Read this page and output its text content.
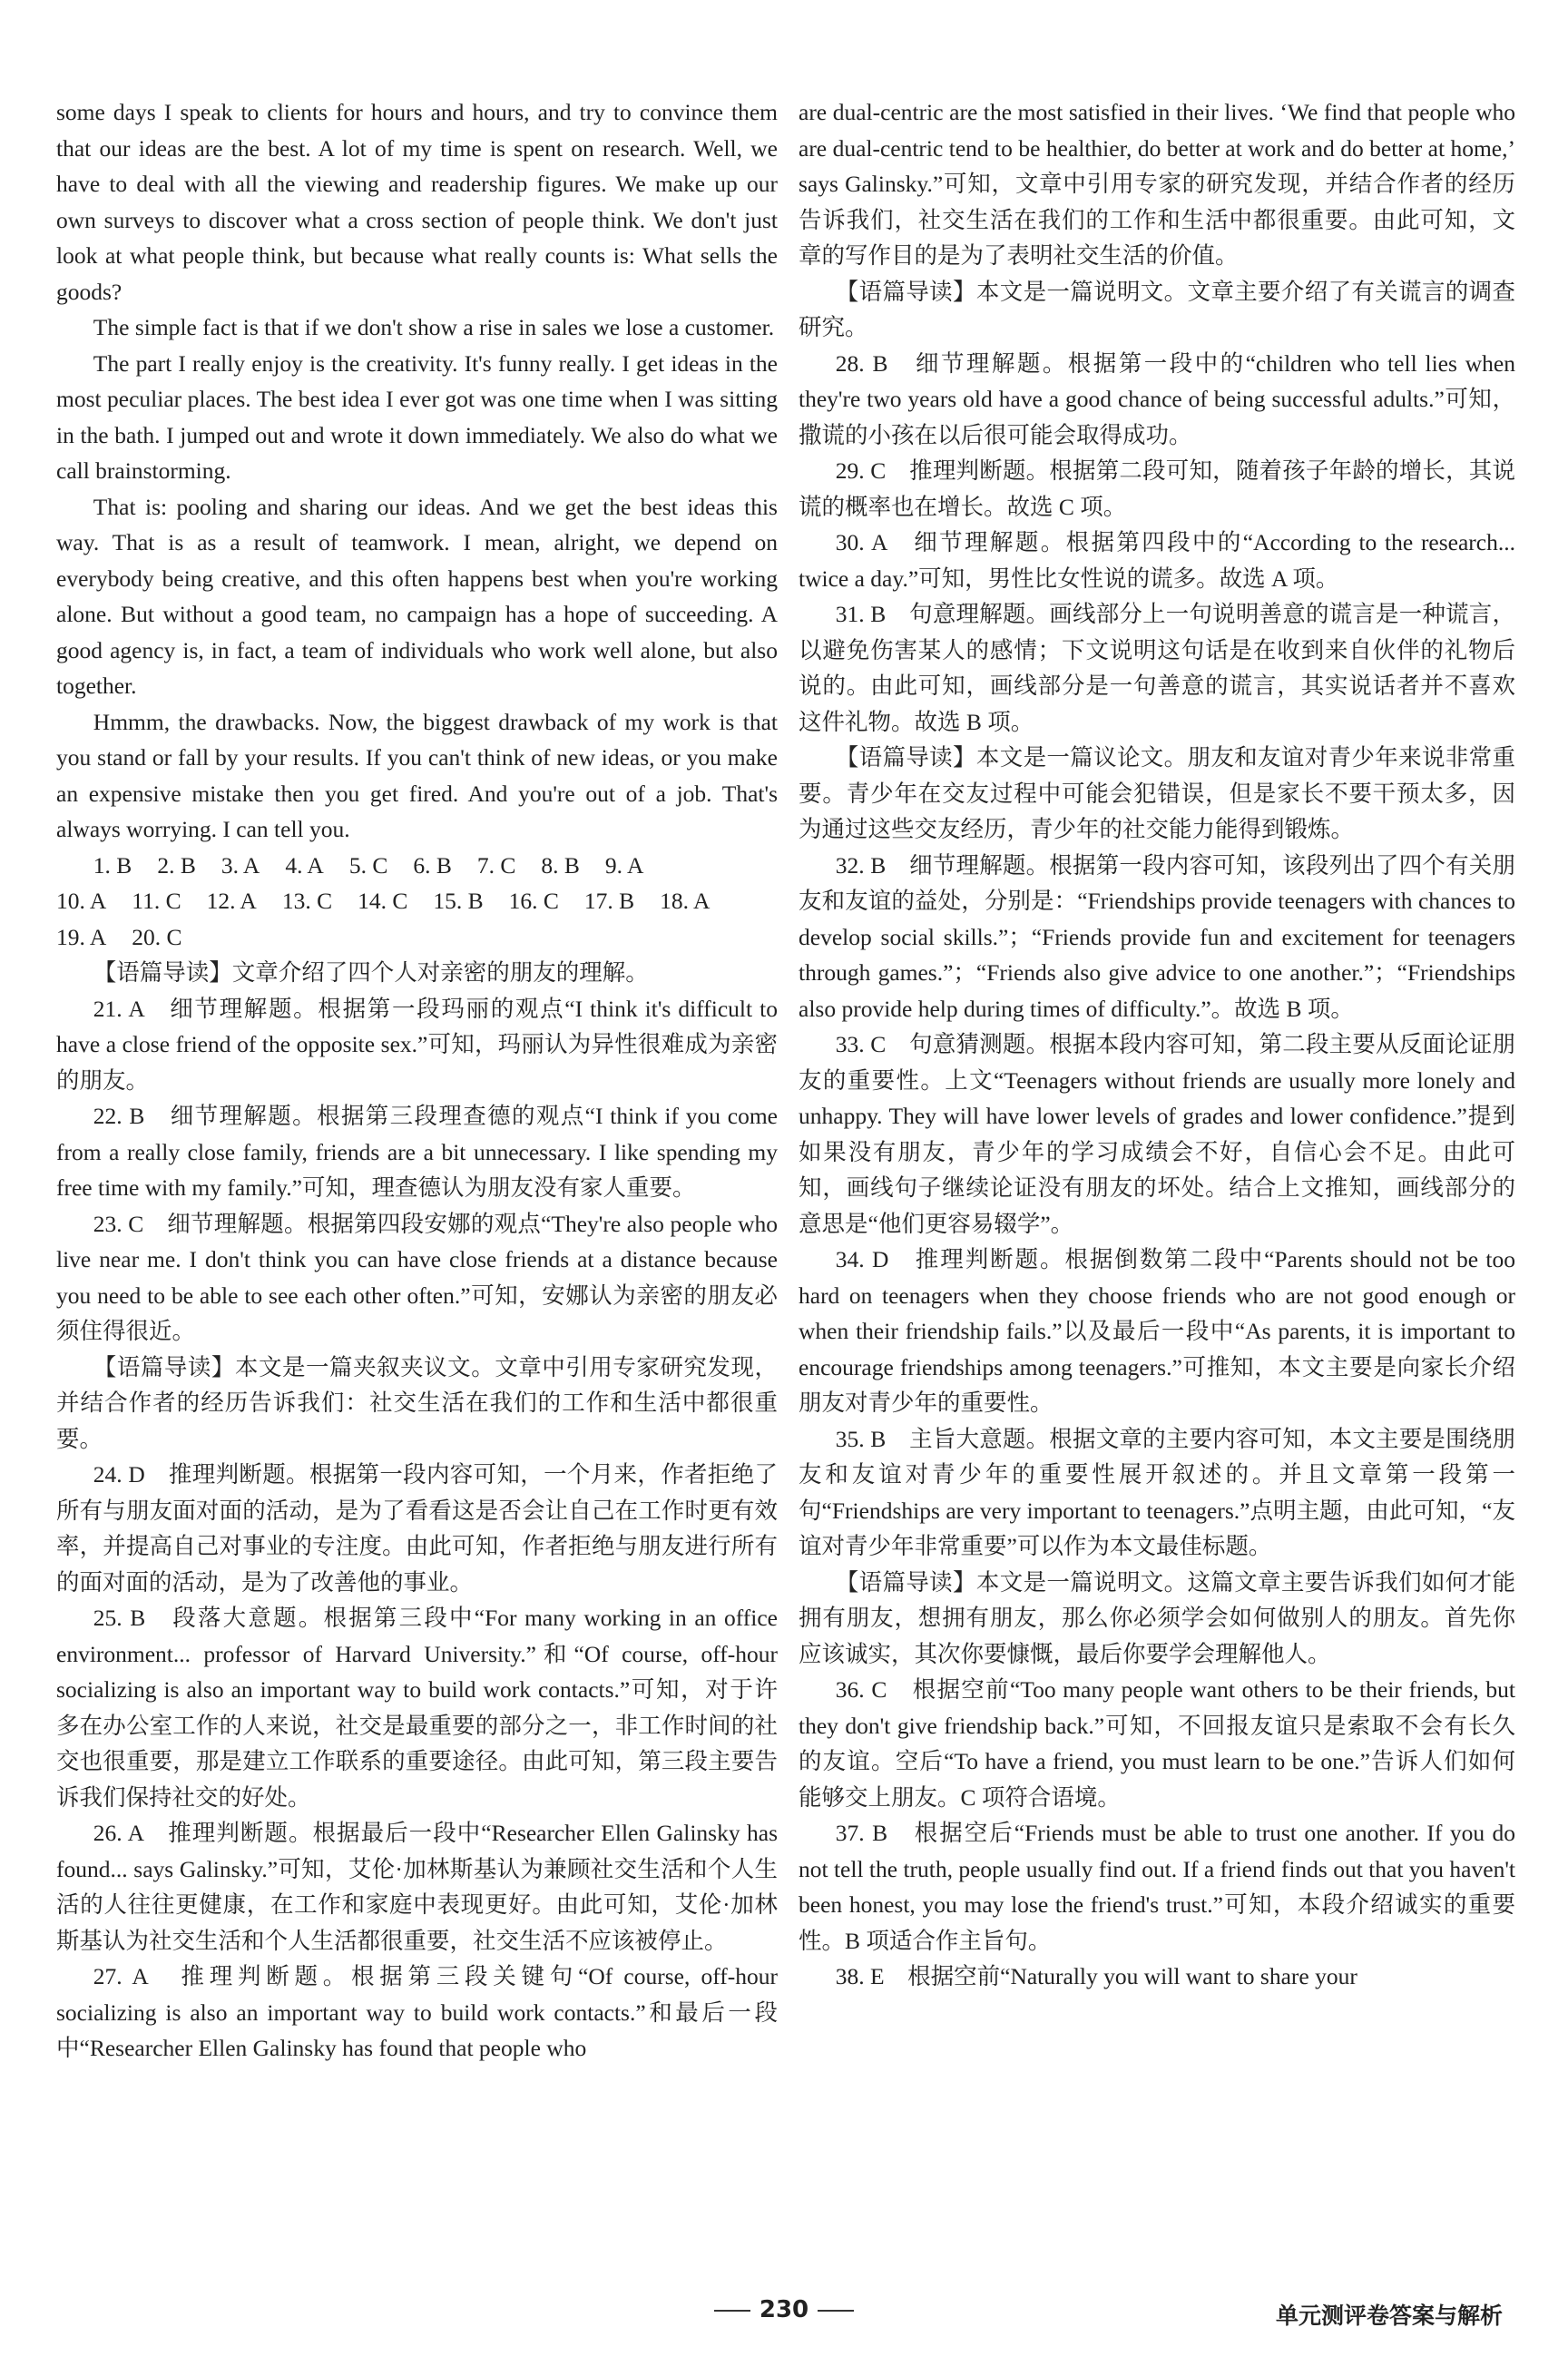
some days I speak to clients for hours and hours, and try to convince them that our ideas are the best. A lot of my time is spent on research. Well, we have to deal with all the viewing and readership figures. We make up our own surveys to discover what a cross section of people think. We don't just look at what people think, but because what really counts is: What sells the goods?

The simple fact is that if we don't show a rise in sales we lose a customer.

The part I really enjoy is the creativity. It's funny really. I get ideas in the most peculiar places. The best idea I ever got was one time when I was sitting in the bath. I jumped out and wrote it down immediately. We also do what we call brainstorming.

That is: pooling and sharing our ideas. And we get the best ideas this way. That is as a result of teamwork. I mean, alright, we depend on everybody being creative, and this often happens best when you're working alone. But without a good team, no campaign has a hope of succeeding. A good agency is, in fact, a team of individuals who work well alone, but also together.

Hmmm, the drawbacks. Now, the biggest drawback of my work is that you stand or fall by your results. If you can't think of new ideas, or you make an expensive mistake then you get fired. And you're out of a job. That's always worrying. I can tell you.

1. B 2. B 3. A 4. A 5. C 6. B 7. C 8. B 9. A
10. A 11. C 12. A 13. C 14. C 15. B 16. C 17. B 18. A
19. A 20. C

【语篇导读】文章介绍了四个人对亲密的朋友的理解。

21. A　细节理解题。根据第一段玛丽的观点“I think it's difficult to have a close friend of the opposite sex.”可知，玛丽认为异性很难成为亲密的朋友。

22. B　细节理解题。根据第三段理查德的观点“I think if you come from a really close family, friends are a bit unnecessary. I like spending my free time with my family.”可知，理查德认为朋友没有家人重要。

23. C　细节理解题。根据第四段安娜的观点“They're also people who live near me. I don't think you can have close friends at a distance because you need to be able to see each other often.”可知，安娜认为亲密的朋友必须住得很近。

【语篇导读】本文是一篇夹叙夹议文。文章中引用专家研究发现，并结合作者的经历告诉我们：社交生活在我们的工作和生活中都很重要。

24. D　推理判断题。根据第一段内容可知，一个月来，作者拒绝了所有与朋友面对面的活动，是为了看看这是否会让自己在工作时更有效率，并提高自己对事业的专注度。由此可知，作者拒绝与朋友进行所有的面对面的活动，是为了改善他的事业。

25. B　段落大意题。根据第三段中“For many working in an office environment... professor of Harvard University.”和“Of course, off-hour socializing is also an important way to build work contacts.”可知，对于许多在办公室工作的人来说，社交是最重要的部分之一，非工作时间的社交也很重要，那是建立工作联系的重要途径。由此可知，第三段主要告诉我们保持社交的好处。

26. A　推理判断题。根据最后一段中“Researcher Ellen Galinsky has found... says Galinsky.”可知，艾伦·加林斯基认为兼顾社交生活和个人生活的人往往更健康，在工作和家庭中表现更好。由此可知，艾伦·加林斯基认为社交生活和个人生活都很重要，社交生活不应该被停止。

27. A　推理判断题。根据第三段关键句“Of course, off-hour socializing is also an important way to build work contacts.”和最后一段中“Researcher Ellen Galinsky has found that people who

are dual-centric are the most satisfied in their lives. ‘We find that people who are dual-centric tend to be healthier, do better at work and do better at home,’ says Galinsky.”可知，文章中引用专家的研究发现，并结合作者的经历告诉我们，社交生活在我们的工作和生活中都很重要。由此可知，文章的写作目的是为了表明社交生活的价值。

【语篇导读】本文是一篇说明文。文章主要介绍了有关谎言的调查研究。

28. B　细节理解题。根据第一段中的“children who tell lies when they're two years old have a good chance of being successful adults.”可知，撒谎的小孩在以后很可能会取得成功。

29. C　推理判断题。根据第二段可知，随着孩子年龄的增长，其说谎的概率也在增长。故选 C 项。

30. A　细节理解题。根据第四段中的“According to the research... twice a day.”可知，男性比女性说的谎多。故选 A 项。

31. B　句意理解题。画线部分上一句说明善意的谎言是一种谎言，以避免伤害某人的感情；下文说明这句话是在收到来自伙伴的礼物后说的。由此可知，画线部分是一句善意的谎言，其实说话者并不喜欢这件礼物。故选 B 项。

【语篇导读】本文是一篇议论文。朋友和友谊对青少年来说非常重要。青少年在交友过程中可能会犯错误，但是家长不要干预太多，因为通过这些交友经历，青少年的社交能力能得到锻炼。

32. B　细节理解题。根据第一段内容可知，该段列出了四个有关朋友和友谊的益处，分别是：“Friendships provide teenagers with chances to develop social skills.”；“Friends provide fun and excitement for teenagers through games.”；“Friends also give advice to one another.”；“Friendships also provide help during times of difficulty.”。故选 B 项。

33. C　句意猜测题。根据本段内容可知，第二段主要从反面论证朋友的重要性。上文“Teenagers without friends are usually more lonely and unhappy. They will have lower levels of grades and lower confidence.”提到如果没有朋友，青少年的学习成绩会不好，自信心会不足。由此可知，画线句子继续论证没有朋友的坏处。结合上文推知，画线部分的意思是“他们更容易辍学”。

34. D　推理判断题。根据倒数第二段中“Parents should not be too hard on teenagers when they choose friends who are not good enough or when their friendship fails.”以及最后一段中“As parents, it is important to encourage friendships among teenagers.”可推知，本文主要是向家长介绍朋友对青少年的重要性。

35. B　主旨大意题。根据文章的主要内容可知，本文主要是围绕朋友和友谊对青少年的重要性展开叙述的。并且文章第一段第一句“Friendships are very important to teenagers.”点明主题，由此可知，“友谊对青少年非常重要”可以作为本文最佳标题。

【语篇导读】本文是一篇说明文。这篇文章主要告诉我们如何才能拥有朋友，想拥有朋友，那么你必须学会如何做别人的朋友。首先你应该诚实，其次你要慷慨，最后你要学会理解他人。

36. C　根据空前“Too many people want others to be their friends, but they don't give friendship back.”可知，不回报友谊只是索取不会有长久的友谊。空后“To have a friend, you must learn to be one.”告诉人们如何能够交上朋友。C 项符合语境。

37. B　根据空后“Friends must be able to trust one another. If you do not tell the truth, people usually find out. If a friend finds out that you haven't been honest, you may lose the friend's trust.”可知，本段介绍诚实的重要性。B 项适合作主旨句。

38. E　根据空前“Naturally you will want to share your

230	单元测评卷答案与解析
